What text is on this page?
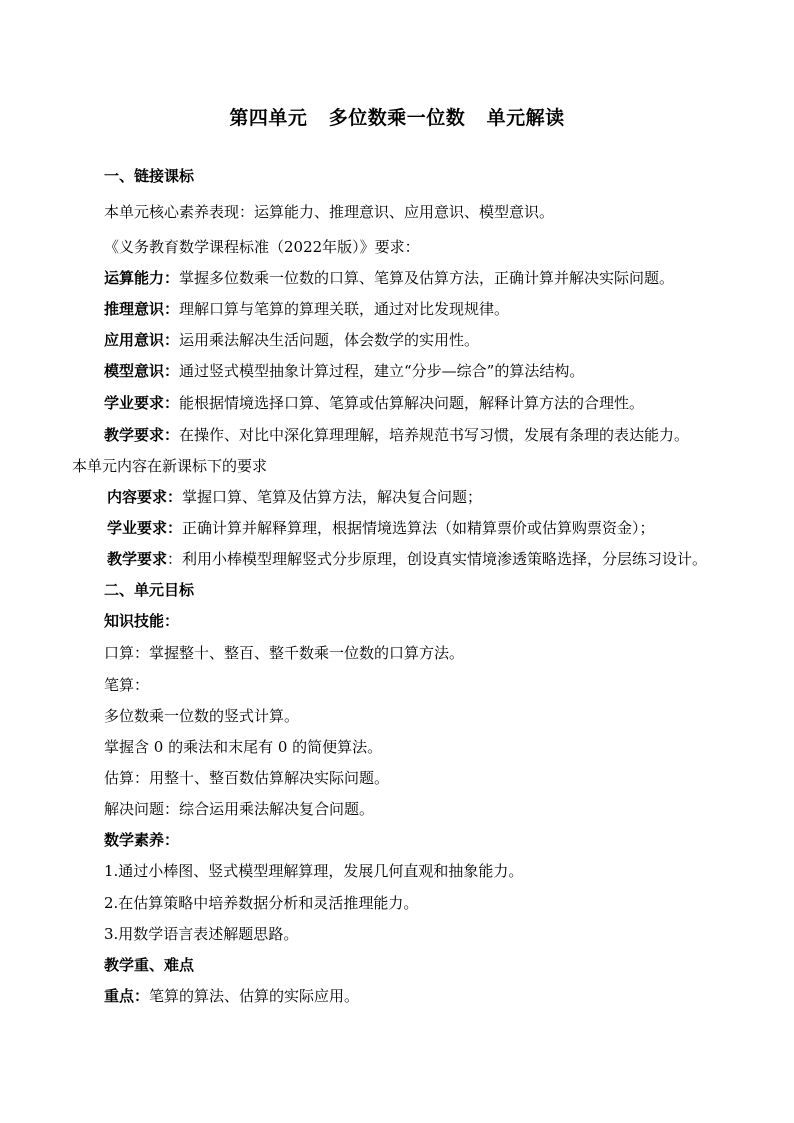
第四单元   多位数乘一位数   单元解读
一、链接课标
本单元核心素养表现：运算能力、推理意识、应用意识、模型意识。
《义务教育数学课程标准（2022年版）》要求：
运算能力：掌握多位数乘一位数的口算、笔算及估算方法，正确计算并解决实际问题。
推理意识：理解口算与笔算的算理关联，通过对比发现规律。
应用意识：运用乘法解决生活问题，体会数学的实用性。
模型意识：通过竖式模型抽象计算过程，建立“分步—综合”的算法结构。
学业要求：能根据情境选择口算、笔算或估算解决问题，解释计算方法的合理性。
教学要求：在操作、对比中深化算理理解，培养规范书写习惯，发展有条理的表达能力。
本单元内容在新课标下的要求
内容要求：掌握口算、笔算及估算方法，解决复合问题；
学业要求：正确计算并解释算理，根据情境选算法（如精算票价或估算购票资金）；
教学要求：利用小棒模型理解竖式分步原理，创设真实情境渗透策略选择，分层练习设计。
二、单元目标
知识技能：
口算：掌握整十、整百、整千数乘一位数的口算方法。
笔算：
多位数乘一位数的竖式计算。
掌握含 0 的乘法和末尾有 0 的简便算法。
估算：用整十、整百数估算解决实际问题。
解决问题：综合运用乘法解决复合问题。
数学素养：
1.通过小棒图、竖式模型理解算理，发展几何直观和抽象能力。
2.在估算策略中培养数据分析和灵活推理能力。
3.用数学语言表述解题思路。
教学重、难点
重点：笔算的算法、估算的实际应用。
